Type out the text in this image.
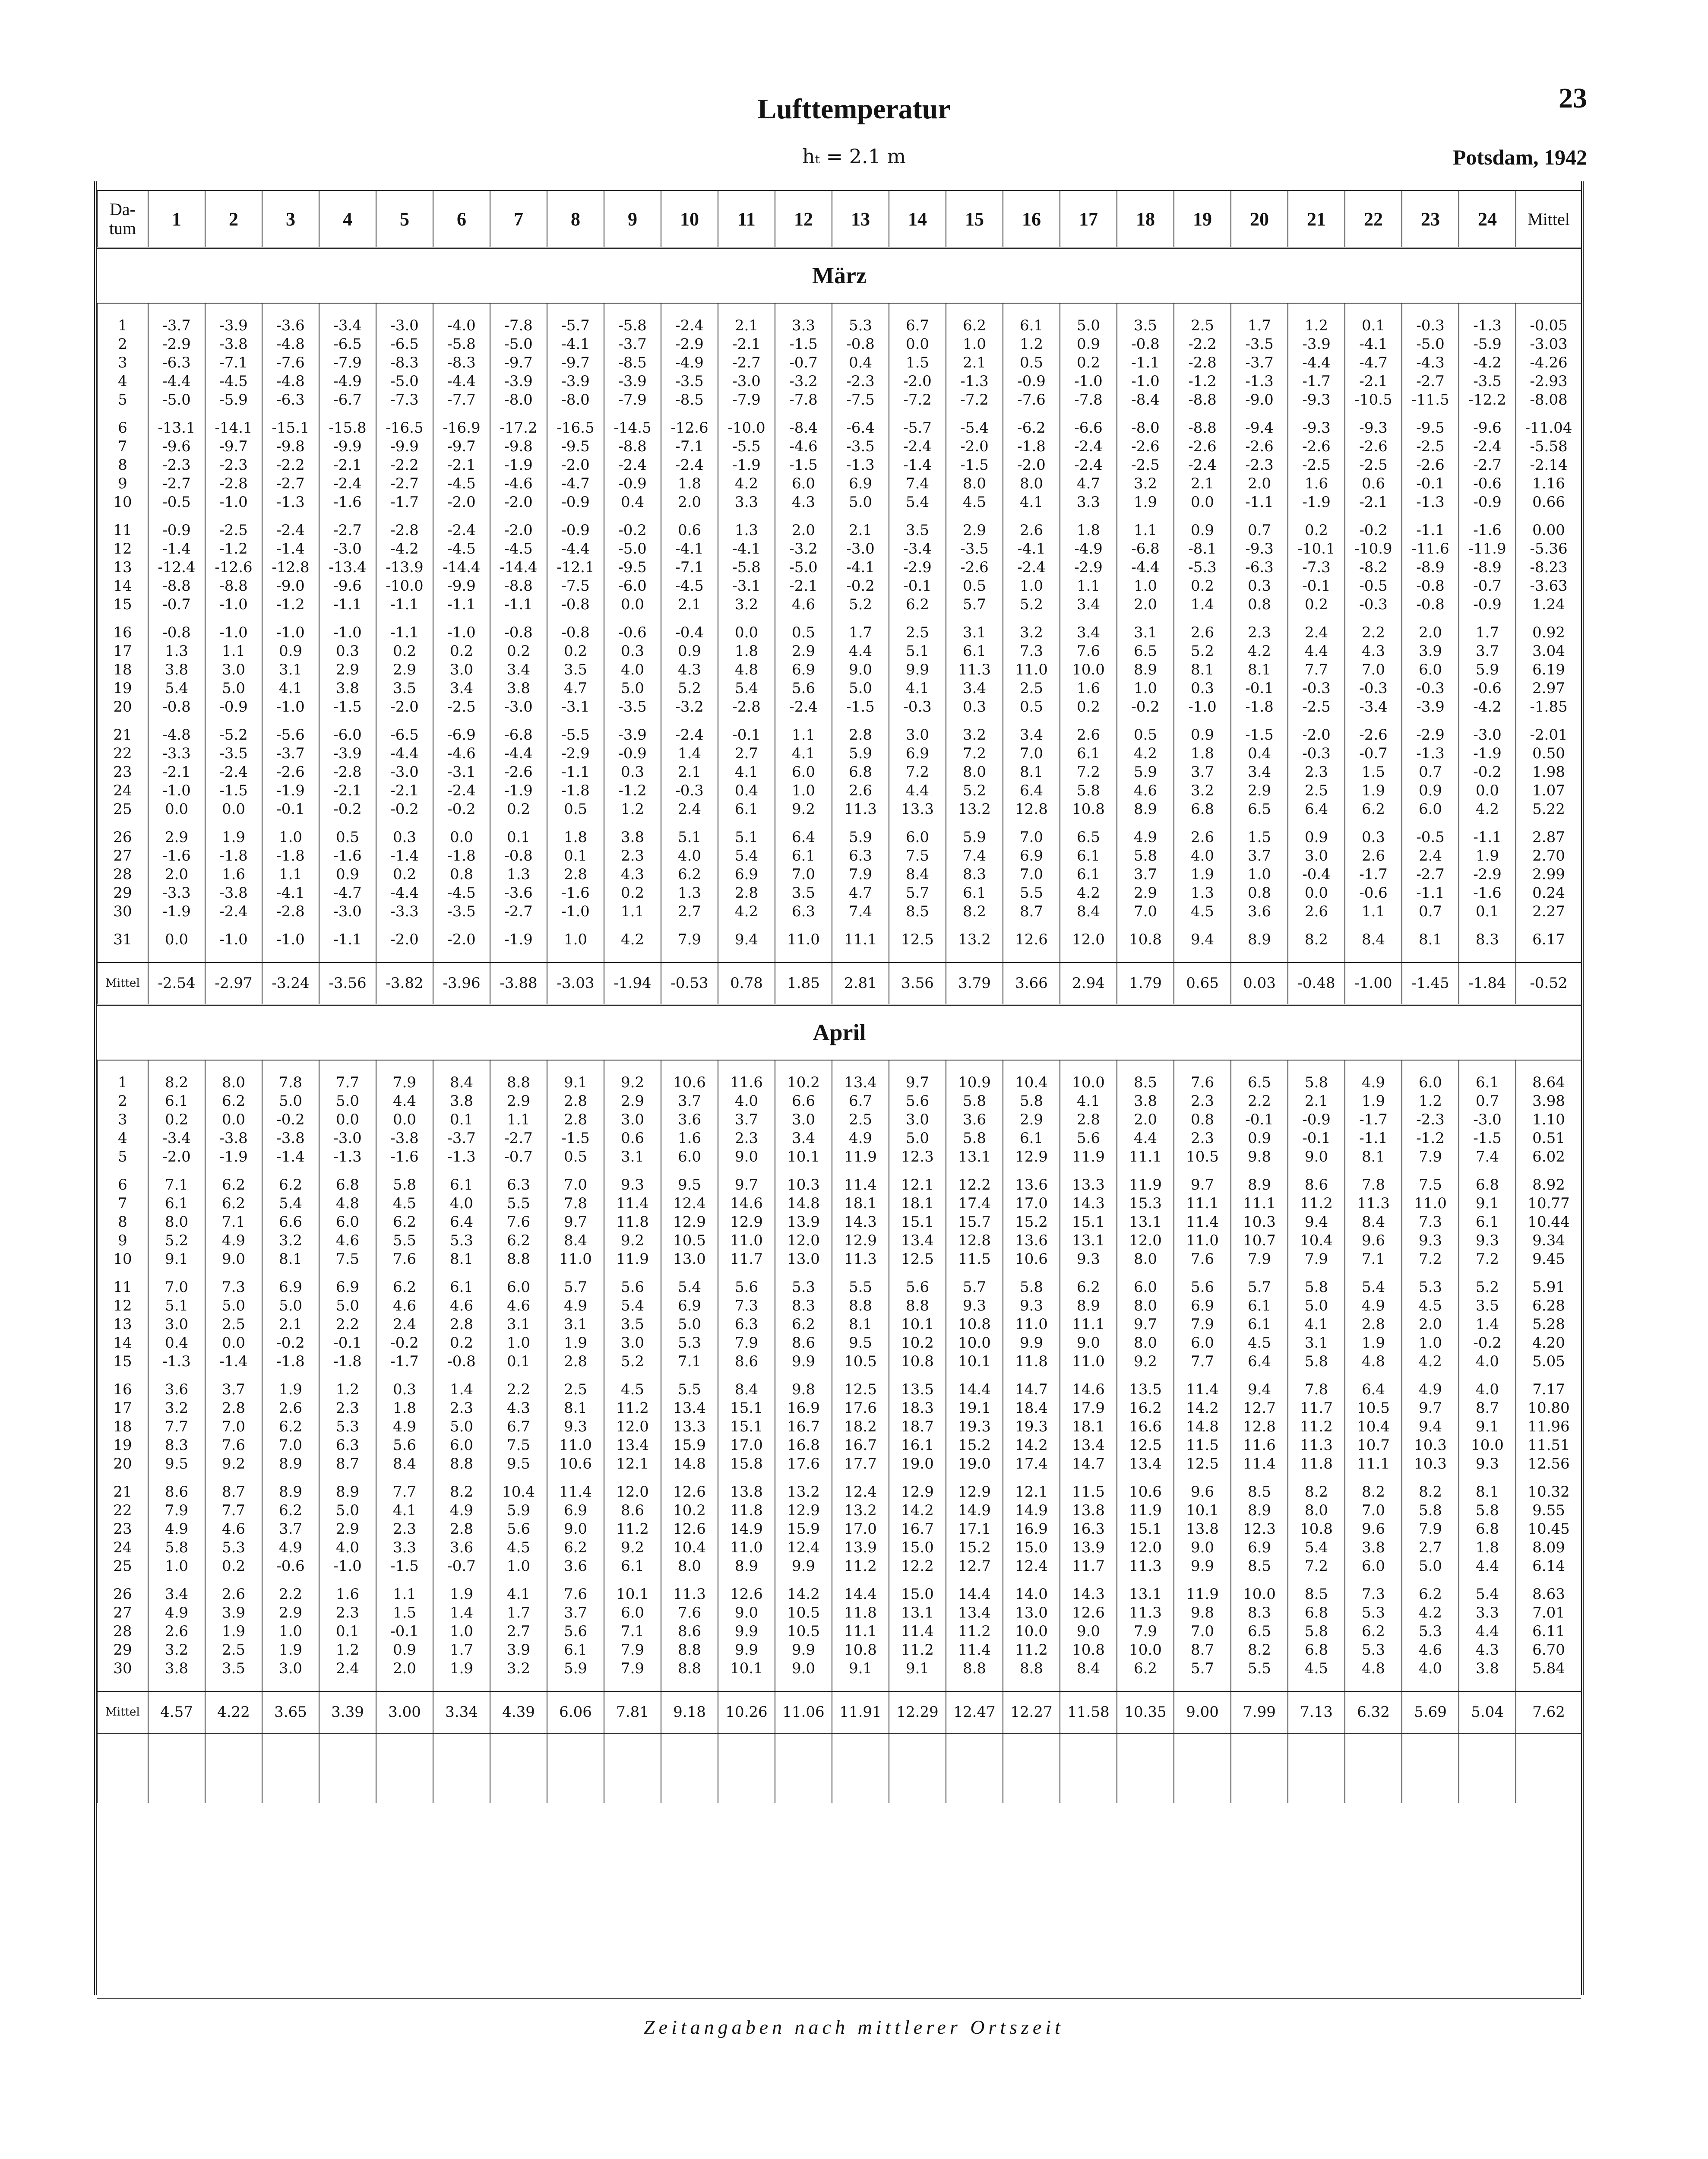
Lufttemperatur	23
hₜ = 2.1 m	Potsdam, 1942
Da-
tum	1	2	3	4	5	6	7	8	9	10	11	12	13	14	15	16	17	18	19	20	21	22	23	24	Mittel
März																									

1	-3.7	-3.9	-3.6	-3.4	-3.0	-4.0	-7.8	-5.7	-5.8	-2.4	2.1	3.3	5.3	6.7	6.2	6.1	5.0	3.5	2.5	1.7	1.2	0.1	-0.3	-1.3	-0.05
2	-2.9	-3.8	-4.8	-6.5	-6.5	-5.8	-5.0	-4.1	-3.7	-2.9	-2.1	-1.5	-0.8	0.0	1.0	1.2	0.9	-0.8	-2.2	-3.5	-3.9	-4.1	-5.0	-5.9	-3.03
3	-6.3	-7.1	-7.6	-7.9	-8.3	-8.3	-9.7	-9.7	-8.5	-4.9	-2.7	-0.7	0.4	1.5	2.1	0.5	0.2	-1.1	-2.8	-3.7	-4.4	-4.7	-4.3	-4.2	-4.26
4	-4.4	-4.5	-4.8	-4.9	-5.0	-4.4	-3.9	-3.9	-3.9	-3.5	-3.0	-3.2	-2.3	-2.0	-1.3	-0.9	-1.0	-1.0	-1.2	-1.3	-1.7	-2.1	-2.7	-3.5	-2.93
5	-5.0	-5.9	-6.3	-6.7	-7.3	-7.7	-8.0	-8.0	-7.9	-8.5	-7.9	-7.8	-7.5	-7.2	-7.2	-7.6	-7.8	-8.4	-8.8	-9.0	-9.3	-10.5	-11.5	-12.2	-8.08

6	-13.1	-14.1	-15.1	-15.8	-16.5	-16.9	-17.2	-16.5	-14.5	-12.6	-10.0	-8.4	-6.4	-5.7	-5.4	-6.2	-6.6	-8.0	-8.8	-9.4	-9.3	-9.3	-9.5	-9.6	-11.04
7	-9.6	-9.7	-9.8	-9.9	-9.9	-9.7	-9.8	-9.5	-8.8	-7.1	-5.5	-4.6	-3.5	-2.4	-2.0	-1.8	-2.4	-2.6	-2.6	-2.6	-2.6	-2.6	-2.5	-2.4	-5.58
8	-2.3	-2.3	-2.2	-2.1	-2.2	-2.1	-1.9	-2.0	-2.4	-2.4	-1.9	-1.5	-1.3	-1.4	-1.5	-2.0	-2.4	-2.5	-2.4	-2.3	-2.5	-2.5	-2.6	-2.7	-2.14
9	-2.7	-2.8	-2.7	-2.4	-2.7	-4.5	-4.6	-4.7	-0.9	1.8	4.2	6.0	6.9	7.4	8.0	8.0	4.7	3.2	2.1	2.0	1.6	0.6	-0.1	-0.6	1.16
10	-0.5	-1.0	-1.3	-1.6	-1.7	-2.0	-2.0	-0.9	0.4	2.0	3.3	4.3	5.0	5.4	4.5	4.1	3.3	1.9	0.0	-1.1	-1.9	-2.1	-1.3	-0.9	0.66

11	-0.9	-2.5	-2.4	-2.7	-2.8	-2.4	-2.0	-0.9	-0.2	0.6	1.3	2.0	2.1	3.5	2.9	2.6	1.8	1.1	0.9	0.7	0.2	-0.2	-1.1	-1.6	0.00
12	-1.4	-1.2	-1.4	-3.0	-4.2	-4.5	-4.5	-4.4	-5.0	-4.1	-4.1	-3.2	-3.0	-3.4	-3.5	-4.1	-4.9	-6.8	-8.1	-9.3	-10.1	-10.9	-11.6	-11.9	-5.36
13	-12.4	-12.6	-12.8	-13.4	-13.9	-14.4	-14.4	-12.1	-9.5	-7.1	-5.8	-5.0	-4.1	-2.9	-2.6	-2.4	-2.9	-4.4	-5.3	-6.3	-7.3	-8.2	-8.9	-8.9	-8.23
14	-8.8	-8.8	-9.0	-9.6	-10.0	-9.9	-8.8	-7.5	-6.0	-4.5	-3.1	-2.1	-0.2	-0.1	0.5	1.0	1.1	1.0	0.2	0.3	-0.1	-0.5	-0.8	-0.7	-3.63
15	-0.7	-1.0	-1.2	-1.1	-1.1	-1.1	-1.1	-0.8	0.0	2.1	3.2	4.6	5.2	6.2	5.7	5.2	3.4	2.0	1.4	0.8	0.2	-0.3	-0.8	-0.9	1.24

16	-0.8	-1.0	-1.0	-1.0	-1.1	-1.0	-0.8	-0.8	-0.6	-0.4	0.0	0.5	1.7	2.5	3.1	3.2	3.4	3.1	2.6	2.3	2.4	2.2	2.0	1.7	0.92
17	1.3	1.1	0.9	0.3	0.2	0.2	0.2	0.2	0.3	0.9	1.8	2.9	4.4	5.1	6.1	7.3	7.6	6.5	5.2	4.2	4.4	4.3	3.9	3.7	3.04
18	3.8	3.0	3.1	2.9	2.9	3.0	3.4	3.5	4.0	4.3	4.8	6.9	9.0	9.9	11.3	11.0	10.0	8.9	8.1	8.1	7.7	7.0	6.0	5.9	6.19
19	5.4	5.0	4.1	3.8	3.5	3.4	3.8	4.7	5.0	5.2	5.4	5.6	5.0	4.1	3.4	2.5	1.6	1.0	0.3	-0.1	-0.3	-0.3	-0.3	-0.6	2.97
20	-0.8	-0.9	-1.0	-1.5	-2.0	-2.5	-3.0	-3.1	-3.5	-3.2	-2.8	-2.4	-1.5	-0.3	0.3	0.5	0.2	-0.2	-1.0	-1.8	-2.5	-3.4	-3.9	-4.2	-1.85

21	-4.8	-5.2	-5.6	-6.0	-6.5	-6.9	-6.8	-5.5	-3.9	-2.4	-0.1	1.1	2.8	3.0	3.2	3.4	2.6	0.5	0.9	-1.5	-2.0	-2.6	-2.9	-3.0	-2.01
22	-3.3	-3.5	-3.7	-3.9	-4.4	-4.6	-4.4	-2.9	-0.9	1.4	2.7	4.1	5.9	6.9	7.2	7.0	6.1	4.2	1.8	0.4	-0.3	-0.7	-1.3	-1.9	0.50
23	-2.1	-2.4	-2.6	-2.8	-3.0	-3.1	-2.6	-1.1	0.3	2.1	4.1	6.0	6.8	7.2	8.0	8.1	7.2	5.9	3.7	3.4	2.3	1.5	0.7	-0.2	1.98
24	-1.0	-1.5	-1.9	-2.1	-2.1	-2.4	-1.9	-1.8	-1.2	-0.3	0.4	1.0	2.6	4.4	5.2	6.4	5.8	4.6	3.2	2.9	2.5	1.9	0.9	0.0	1.07
25	0.0	0.0	-0.1	-0.2	-0.2	-0.2	0.2	0.5	1.2	2.4	6.1	9.2	11.3	13.3	13.2	12.8	10.8	8.9	6.8	6.5	6.4	6.2	6.0	4.2	5.22

26	2.9	1.9	1.0	0.5	0.3	0.0	0.1	1.8	3.8	5.1	5.1	6.4	5.9	6.0	5.9	7.0	6.5	4.9	2.6	1.5	0.9	0.3	-0.5	-1.1	2.87
27	-1.6	-1.8	-1.8	-1.6	-1.4	-1.8	-0.8	0.1	2.3	4.0	5.4	6.1	6.3	7.5	7.4	6.9	6.1	5.8	4.0	3.7	3.0	2.6	2.4	1.9	2.70
28	2.0	1.6	1.1	0.9	0.2	0.8	1.3	2.8	4.3	6.2	6.9	7.0	7.9	8.4	8.3	7.0	6.1	3.7	1.9	1.0	-0.4	-1.7	-2.7	-2.9	2.99
29	-3.3	-3.8	-4.1	-4.7	-4.4	-4.5	-3.6	-1.6	0.2	1.3	2.8	3.5	4.7	5.7	6.1	5.5	4.2	2.9	1.3	0.8	0.0	-0.6	-1.1	-1.6	0.24
30	-1.9	-2.4	-2.8	-3.0	-3.3	-3.5	-2.7	-1.0	1.1	2.7	4.2	6.3	7.4	8.5	8.2	8.7	8.4	7.0	4.5	3.6	2.6	1.1	0.7	0.1	2.27

31	0.0	-1.0	-1.0	-1.1	-2.0	-2.0	-1.9	1.0	4.2	7.9	9.4	11.0	11.1	12.5	13.2	12.6	12.0	10.8	9.4	8.9	8.2	8.4	8.1	8.3	6.17

Mittel	-2.54	-2.97	-3.24	-3.56	-3.82	-3.96	-3.88	-3.03	-1.94	-0.53	0.78	1.85	2.81	3.56	3.79	3.66	2.94	1.79	0.65	0.03	-0.48	-1.00	-1.45	-1.84	-0.52
April																									

1	8.2	8.0	7.8	7.7	7.9	8.4	8.8	9.1	9.2	10.6	11.6	10.2	13.4	9.7	10.9	10.4	10.0	8.5	7.6	6.5	5.8	4.9	6.0	6.1	8.64
2	6.1	6.2	5.0	5.0	4.4	3.8	2.9	2.8	2.9	3.7	4.0	6.6	6.7	5.6	5.8	5.8	4.1	3.8	2.3	2.2	2.1	1.9	1.2	0.7	3.98
3	0.2	0.0	-0.2	0.0	0.0	0.1	1.1	2.8	3.0	3.6	3.7	3.0	2.5	3.0	3.6	2.9	2.8	2.0	0.8	-0.1	-0.9	-1.7	-2.3	-3.0	1.10
4	-3.4	-3.8	-3.8	-3.0	-3.8	-3.7	-2.7	-1.5	0.6	1.6	2.3	3.4	4.9	5.0	5.8	6.1	5.6	4.4	2.3	0.9	-0.1	-1.1	-1.2	-1.5	0.51
5	-2.0	-1.9	-1.4	-1.3	-1.6	-1.3	-0.7	0.5	3.1	6.0	9.0	10.1	11.9	12.3	13.1	12.9	11.9	11.1	10.5	9.8	9.0	8.1	7.9	7.4	6.02

6	7.1	6.2	6.2	6.8	5.8	6.1	6.3	7.0	9.3	9.5	9.7	10.3	11.4	12.1	12.2	13.6	13.3	11.9	9.7	8.9	8.6	7.8	7.5	6.8	8.92
7	6.1	6.2	5.4	4.8	4.5	4.0	5.5	7.8	11.4	12.4	14.6	14.8	18.1	18.1	17.4	17.0	14.3	15.3	11.1	11.1	11.2	11.3	11.0	9.1	10.77
8	8.0	7.1	6.6	6.0	6.2	6.4	7.6	9.7	11.8	12.9	12.9	13.9	14.3	15.1	15.7	15.2	15.1	13.1	11.4	10.3	9.4	8.4	7.3	6.1	10.44
9	5.2	4.9	3.2	4.6	5.5	5.3	6.2	8.4	9.2	10.5	11.0	12.0	12.9	13.4	12.8	13.6	13.1	12.0	11.0	10.7	10.4	9.6	9.3	9.3	9.34
10	9.1	9.0	8.1	7.5	7.6	8.1	8.8	11.0	11.9	13.0	11.7	13.0	11.3	12.5	11.5	10.6	9.3	8.0	7.6	7.9	7.9	7.1	7.2	7.2	9.45

11	7.0	7.3	6.9	6.9	6.2	6.1	6.0	5.7	5.6	5.4	5.6	5.3	5.5	5.6	5.7	5.8	6.2	6.0	5.6	5.7	5.8	5.4	5.3	5.2	5.91
12	5.1	5.0	5.0	5.0	4.6	4.6	4.6	4.9	5.4	6.9	7.3	8.3	8.8	8.8	9.3	9.3	8.9	8.0	6.9	6.1	5.0	4.9	4.5	3.5	6.28
13	3.0	2.5	2.1	2.2	2.4	2.8	3.1	3.1	3.5	5.0	6.3	6.2	8.1	10.1	10.8	11.0	11.1	9.7	7.9	6.1	4.1	2.8	2.0	1.4	5.28
14	0.4	0.0	-0.2	-0.1	-0.2	0.2	1.0	1.9	3.0	5.3	7.9	8.6	9.5	10.2	10.0	9.9	9.0	8.0	6.0	4.5	3.1	1.9	1.0	-0.2	4.20
15	-1.3	-1.4	-1.8	-1.8	-1.7	-0.8	0.1	2.8	5.2	7.1	8.6	9.9	10.5	10.8	10.1	11.8	11.0	9.2	7.7	6.4	5.8	4.8	4.2	4.0	5.05

16	3.6	3.7	1.9	1.2	0.3	1.4	2.2	2.5	4.5	5.5	8.4	9.8	12.5	13.5	14.4	14.7	14.6	13.5	11.4	9.4	7.8	6.4	4.9	4.0	7.17
17	3.2	2.8	2.6	2.3	1.8	2.3	4.3	8.1	11.2	13.4	15.1	16.9	17.6	18.3	19.1	18.4	17.9	16.2	14.2	12.7	11.7	10.5	9.7	8.7	10.80
18	7.7	7.0	6.2	5.3	4.9	5.0	6.7	9.3	12.0	13.3	15.1	16.7	18.2	18.7	19.3	19.3	18.1	16.6	14.8	12.8	11.2	10.4	9.4	9.1	11.96
19	8.3	7.6	7.0	6.3	5.6	6.0	7.5	11.0	13.4	15.9	17.0	16.8	16.7	16.1	15.2	14.2	13.4	12.5	11.5	11.6	11.3	10.7	10.3	10.0	11.51
20	9.5	9.2	8.9	8.7	8.4	8.8	9.5	10.6	12.1	14.8	15.8	17.6	17.7	19.0	19.0	17.4	14.7	13.4	12.5	11.4	11.8	11.1	10.3	9.3	12.56

21	8.6	8.7	8.9	8.9	7.7	8.2	10.4	11.4	12.0	12.6	13.8	13.2	12.4	12.9	12.9	12.1	11.5	10.6	9.6	8.5	8.2	8.2	8.2	8.1	10.32
22	7.9	7.7	6.2	5.0	4.1	4.9	5.9	6.9	8.6	10.2	11.8	12.9	13.2	14.2	14.9	14.9	13.8	11.9	10.1	8.9	8.0	7.0	5.8	5.8	9.55
23	4.9	4.6	3.7	2.9	2.3	2.8	5.6	9.0	11.2	12.6	14.9	15.9	17.0	16.7	17.1	16.9	16.3	15.1	13.8	12.3	10.8	9.6	7.9	6.8	10.45
24	5.8	5.3	4.9	4.0	3.3	3.6	4.5	6.2	9.2	10.4	11.0	12.4	13.9	15.0	15.2	15.0	13.9	12.0	9.0	6.9	5.4	3.8	2.7	1.8	8.09
25	1.0	0.2	-0.6	-1.0	-1.5	-0.7	1.0	3.6	6.1	8.0	8.9	9.9	11.2	12.2	12.7	12.4	11.7	11.3	9.9	8.5	7.2	6.0	5.0	4.4	6.14

26	3.4	2.6	2.2	1.6	1.1	1.9	4.1	7.6	10.1	11.3	12.6	14.2	14.4	15.0	14.4	14.0	14.3	13.1	11.9	10.0	8.5	7.3	6.2	5.4	8.63
27	4.9	3.9	2.9	2.3	1.5	1.4	1.7	3.7	6.0	7.6	9.0	10.5	11.8	13.1	13.4	13.0	12.6	11.3	9.8	8.3	6.8	5.3	4.2	3.3	7.01
28	2.6	1.9	1.0	0.1	-0.1	1.0	2.7	5.6	7.1	8.6	9.9	10.5	11.1	11.4	11.2	10.0	9.0	7.9	7.0	6.5	5.8	6.2	5.3	4.4	6.11
29	3.2	2.5	1.9	1.2	0.9	1.7	3.9	6.1	7.9	8.8	9.9	9.9	10.8	11.2	11.4	11.2	10.8	10.0	8.7	8.2	6.8	5.3	4.6	4.3	6.70
30	3.8	3.5	3.0	2.4	2.0	1.9	3.2	5.9	7.9	8.8	10.1	9.0	9.1	9.1	8.8	8.8	8.4	6.2	5.7	5.5	4.5	4.8	4.0	3.8	5.84

Mittel	4.57	4.22	3.65	3.39	3.00	3.34	4.39	6.06	7.81	9.18	10.26	11.06	11.91	12.29	12.47	12.27	11.58	10.35	9.00	7.99	7.13	6.32	5.69	5.04	7.62

Zeitangaben nach mittlerer Ortszeit
